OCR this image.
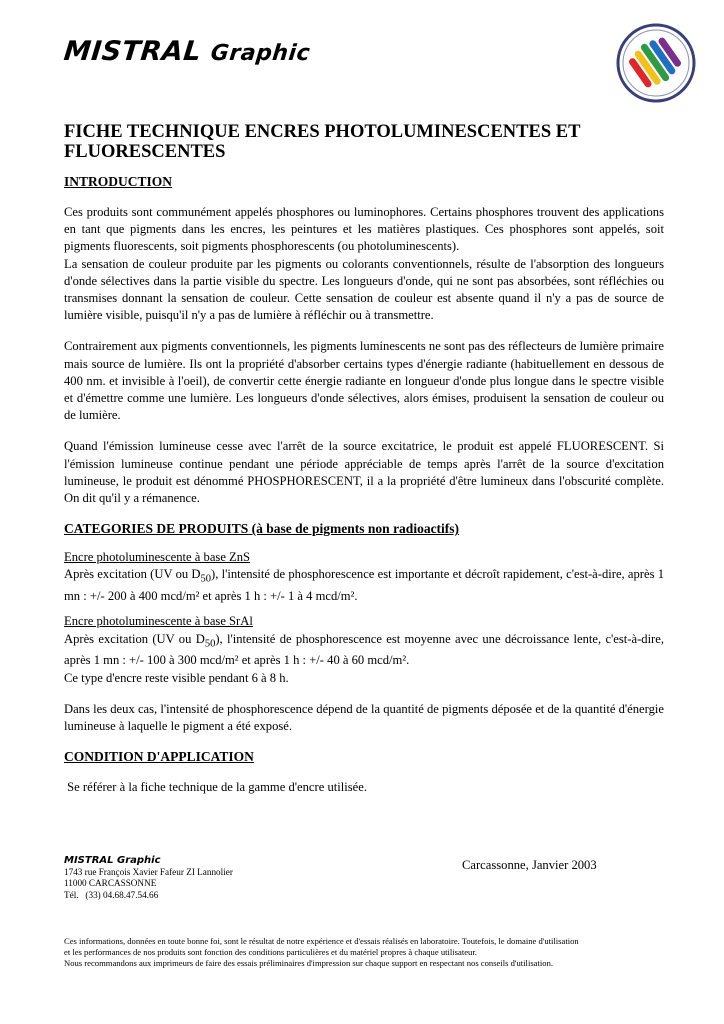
MISTRAL Graphic
FICHE TECHNIQUE ENCRES PHOTOLUMINESCENTES ET FLUORESCENTES
INTRODUCTION

Ces produits sont communément appelés phosphores ou luminophores. Certains phosphores trouvent des applications en tant que pigments dans les encres, les peintures et les matières plastiques. Ces phosphores sont appelés, soit pigments fluorescents, soit pigments phosphorescents (ou photoluminescents).

La sensation de couleur produite par les pigments ou colorants conventionnels, résulte de l'absorption des longueurs d'onde sélectives dans la partie visible du spectre. Les longueurs d'onde, qui ne sont pas absorbées, sont réfléchies ou transmises donnant la sensation de couleur. Cette sensation de couleur est absente quand il n'y a pas de source de lumière visible, puisqu'il n'y a pas de lumière à réfléchir ou à transmettre.

Contrairement aux pigments conventionnels, les pigments luminescents ne sont pas des réflecteurs de lumière primaire mais source de lumière. Ils ont la propriété d'absorber certains types d'énergie radiante (habituellement en dessous de 400 nm. et invisible à l'oeil), de convertir cette énergie radiante en longueur d'onde plus longue dans le spectre visible et d'émettre comme une lumière. Les longueurs d'onde sélectives, alors émises, produisent la sensation de couleur ou de lumière.

Quand l'émission lumineuse cesse avec l'arrêt de la source excitatrice, le produit est appelé FLUORESCENT. Si l'émission lumineuse continue pendant une période appréciable de temps après l'arrêt de la source d'excitation lumineuse, le produit est dénommé PHOSPHORESCENT, il a la propriété d'être lumineux dans l'obscurité complète. On dit qu'il y a rémanence.

CATEGORIES DE PRODUITS (à base de pigments non radioactifs)
Encre photoluminescente à base ZnS

Après excitation (UV ou $D_{50}$), l'intensité de phosphorescence est importante et décroît rapidement, c'est-à-dire, après 1 mn : +/- 200 à 400 mcd/m² et après 1 h : +/- 1 à 4 mcd/m².

Encre photoluminescente à base SrAl

Après excitation (UV ou $D_{50}$), l'intensité de phosphorescence est moyenne avec une décroissance lente, c'est-à-dire, après 1 mn : +/- 100 à 300 mcd/m² et après 1 h : +/- 40 à 60 mcd/m².

Ce type d'encre reste visible pendant 6 à 8 h.

Dans les deux cas, l'intensité de phosphorescence dépend de la quantité de pigments déposée et de la quantité d'énergie lumineuse à laquelle le pigment a été exposé.

CONDITION D'APPLICATION

Se référer à la fiche technique de la gamme d'encre utilisée.

MISTRAL Graphic
1743 rue François Xavier Fafeur ZI Lannolier
11000 CARCASSONNE
Tél.   (33) 04.68.47.54.66
Carcassonne, Janvier 2003
Ces informations, données en toute bonne foi, sont le résultat de notre expérience et d'essais réalisés en laboratoire. Toutefois, le domaine d'utilisation
et les performances de nos produits sont fonction des conditions particulières et du matériel propres à chaque utilisateur.
Nous recommandons aux imprimeurs de faire des essais préliminaires d'impression sur chaque support en respectant nos conseils d'utilisation.
